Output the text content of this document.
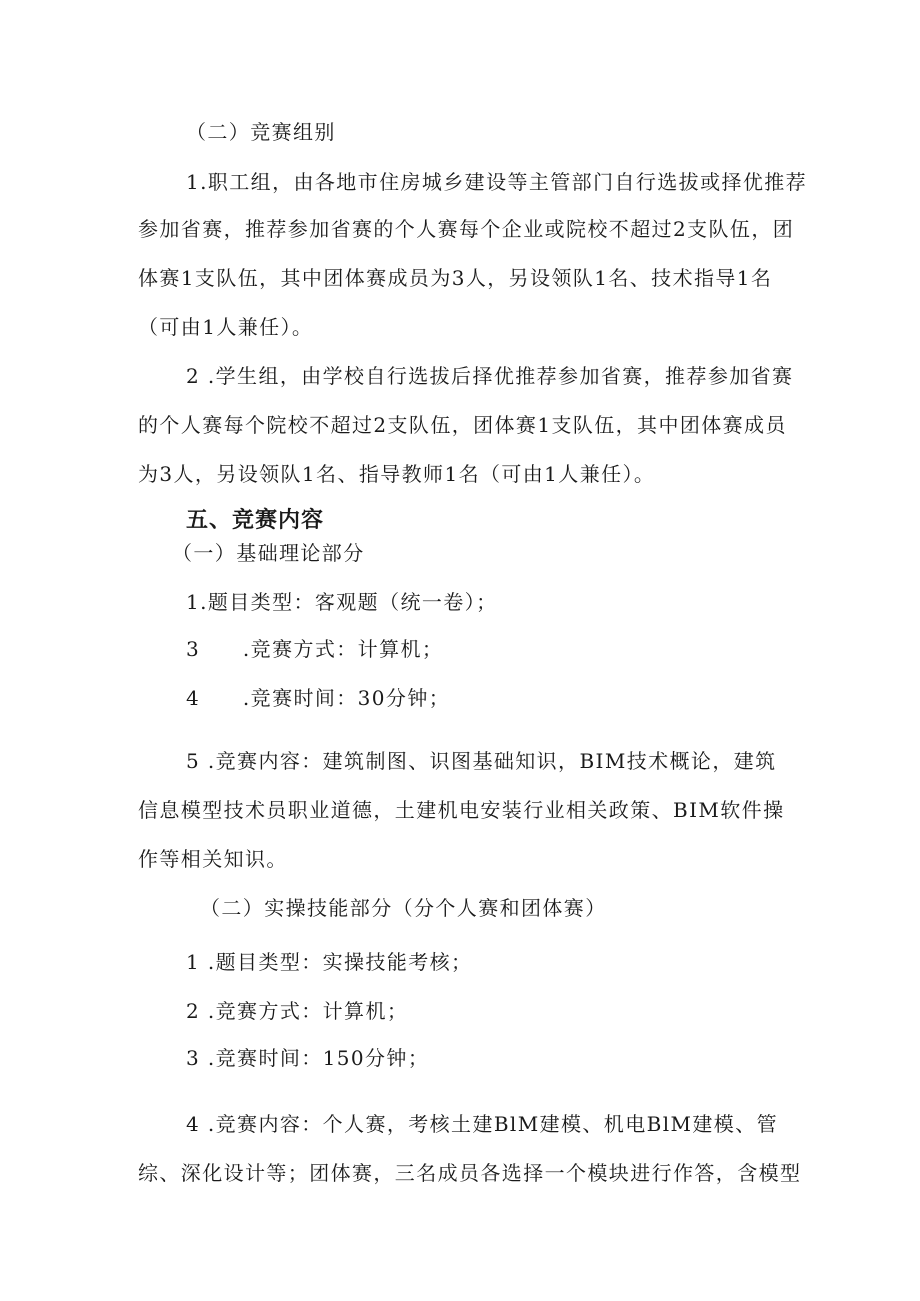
（二）竞赛组别
1.职工组，由各地市住房城乡建设等主管部门自行选拔或择优推荐
参加省赛，推荐参加省赛的个人赛每个企业或院校不超过2支队伍，团
体赛1支队伍，其中团体赛成员为3人，另设领队1名、技术指导1名
（可由1人兼任）。
2 .学生组，由学校自行选拔后择优推荐参加省赛，推荐参加省赛
的个人赛每个院校不超过2支队伍，团体赛1支队伍，其中团体赛成员
为3人，另设领队1名、指导教师1名（可由1人兼任）。
五、竞赛内容
（一）基础理论部分
1.题目类型：客观题（统一卷）；
3　　.竞赛方式：计算机；
4　　.竞赛时间：30分钟；
5 .竞赛内容：建筑制图、识图基础知识，BIM技术概论，建筑
信息模型技术员职业道德，土建机电安装行业相关政策、BIM软件操
作等相关知识。
（二）实操技能部分（分个人赛和团体赛）
1 .题目类型：实操技能考核；
2 .竞赛方式：计算机；
3 .竞赛时间：150分钟；
4 .竞赛内容：个人赛，考核土建BlM建模、机电BlM建模、管
综、深化设计等；团体赛，三名成员各选择一个模块进行作答，含模型
